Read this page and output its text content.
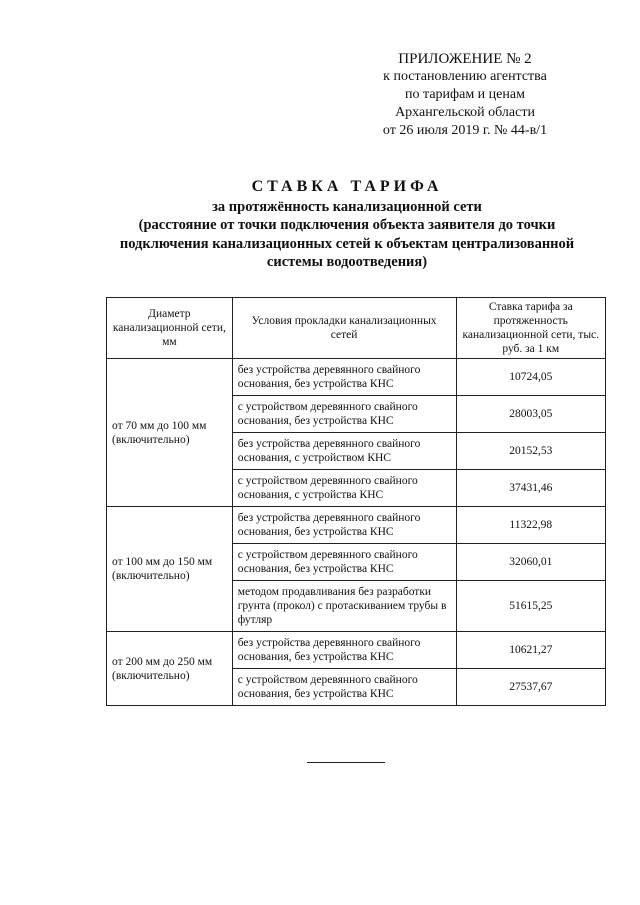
ПРИЛОЖЕНИЕ № 2
к постановлению агентства
по тарифам и ценам
Архангельской области
от 26 июля 2019 г. № 44-в/1
СТАВКА ТАРИФА
за протяжённость канализационной сети
(расстояние от точки подключения объекта заявителя до точки
подключения канализационных сетей к объектам централизованной
системы водоотведения)
Диаметр канализационной сети, мм	Условия прокладки канализационных сетей	Ставка тарифа за протяженность канализационной сети, тыс. руб. за 1 км
от 70 мм до 100 мм (включительно)	без устройства деревянного свайного основания, без устройства КНС	10724,05
	с устройством деревянного свайного основания, без устройства КНС	28003,05
	без устройства деревянного свайного основания, с устройством КНС	20152,53
	с устройством деревянного свайного основания, с устройства КНС	37431,46
от 100 мм до 150 мм (включительно)	без устройства деревянного свайного основания, без устройства КНС	11322,98
	с устройством деревянного свайного основания, без устройства КНС	32060,01
	методом продавливания без разработки грунта (прокол) с протаскиванием трубы в футляр	51615,25
от 200 мм до 250 мм (включительно)	без устройства деревянного свайного основания, без устройства КНС	10621,27
	с устройством деревянного свайного основания, без устройства КНС	27537,67
